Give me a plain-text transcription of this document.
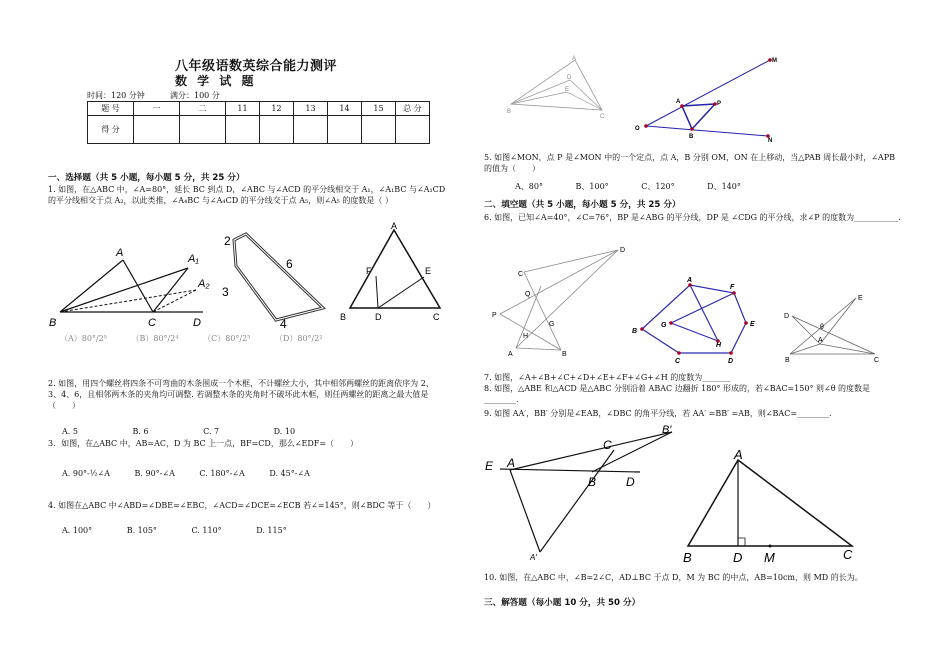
八年级语数英综合能力测评
数 学 试 题
时间：120 分钟	满分：100 分
题 号	一	二	11	12	13	14	15	总 分
得 分								
一、选择题（共 5 小题，每小题 5 分，共 25 分）
1. 如图，在△ABC 中，∠A=80°，延长 BC 到点 D，∠ABC 与∠ACD 的平分线相交于 A₁，∠A₁BC 与∠A₁CD 的平分线相交于点 A₂，以此类推，∠A₄BC 与∠A₄CD 的平分线交于点 A₅，则∠A₅ 的度数是（ ）
A	A₁
A₂
B	C	D
2
3
6
4
A
F	E
B	D	C
（A）80°/2⁵	（B）80°/2⁴	（C）80°/2³	（D）80°/2²
2. 如图，用四个螺丝将四条不可弯曲的木条围成一个木框，不计螺丝大小，其中相邻两螺丝的距离依序为 2、3、4、6，且相邻两木条的夹角均可调整. 若调整木条的夹角时不破坏此木框，则任两螺丝的距离之最大值是（　　）
A. 5	B. 6	C. 7	D. 10
3．如图，在△ABC 中，AB=AC，D 为 BC 上一点，BF=CD，那么∠EDF=（　　）
A. 90°-½∠A	B. 90°-∠A	C. 180°-∠A	D. 45°-∠A
4. 如图在△ABC 中∠ABD=∠DBE=∠EBC，∠ACD=∠DCE=∠ECB 若∠=145°，则∠BDC 等于（　　）
A. 100°	B. 105°	C. 110°	D. 115°
A
D
E
B
C
M
A	P
O
B
N
5. 如图∠MON，点 P 是∠MON 中的一个定点，点 A，B 分别 OM，ON 在上移动，当△PAB 周长最小时，∠APB 的值为（　　）
A、80°	B、100°	C、120°	D、140°
二、填空题（共 5 小题，每小题 5 分，共 25 分）
6. 如图，已知∠A=40°，∠C=76°，BP 是∠ABG 的平分线，DP 是 ∠CDG 的平分线，求∠P 的度数为___________.
D
C
Q
P
G
H
A	B
A
F
G	E
B
H
C	D
E
D
θ
A
B	C
7. 如图，∠A+∠B+∠C+∠D+∠E+∠F+∠G+∠H 的度数为_______
8. 如图，△ABE 和△ACD 是△ABC 分别沿着 ABAC 边翻折 180° 形成的，若∠BAC=150° 则∠θ 的度数是________.
9. 如图 AA′，BB′ 分别是∠EAB，∠DBC 的角平分线，若 AA′ =BB′ =AB，则∠BAC=________.
E A
B′
C
B D
A′
A
B	D M	C
10. 如图，在△ABC 中，∠B=2∠C，AD⊥BC 于点 D，M 为 BC 的中点，AB=10cm，则 MD 的长为。
三、解答题（每小题 10 分，共 50 分）
